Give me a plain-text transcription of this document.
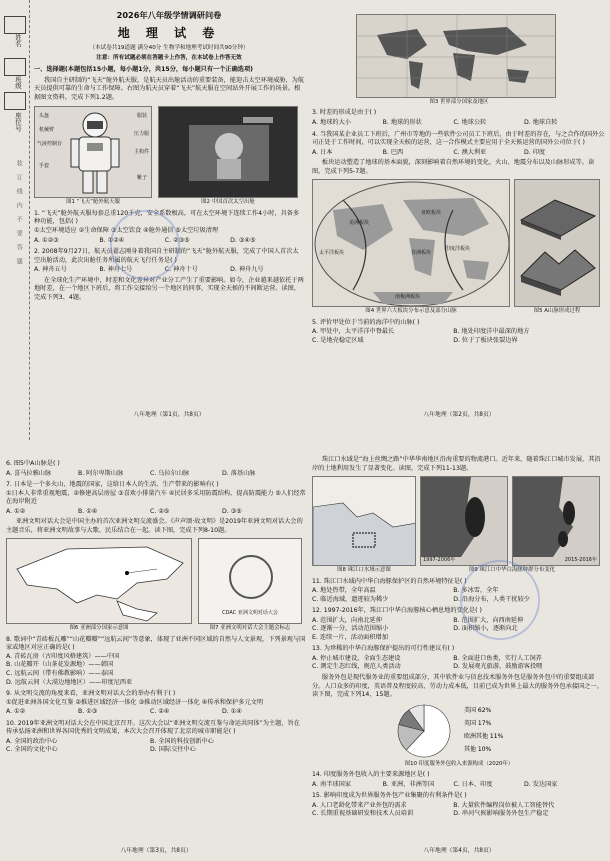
姓名
班级
座位号
装订线内不要答题
2026年八年级学情调研问卷
地 理 试 卷
（本试卷共19道题 满分40分 生物学和地理考试时间共90分钟）
注意：所有试题必须在答题卡上作答，在本试卷上作答无效
一、选择题(本题包括15小题，每小题1分，共15分，每小题只有一个正确选项)
我国自主研制的“飞天”舱外航天服，是航天员出舱活动的重要装备，能迎击太空环境威胁，为航天员提供可靠的生命与工作保障。右图为航天员穿着“飞天”航天服在空间站外开展工作的场景。根据图文资料，完成下列1.2题。
头盔
机械臂
气液控制台
手套
服装
压力服
主构件
靴子
图1 “飞天”舱外航天服	图2 中国首次太空出舱
1. “飞天”舱外航天服每套总重120千克，安全系数极高，可在太空环境下连续工作4小时，具备多种功能，包括( )
①太空环境适应 ②生命保障 ③太空饮食 ④舱外通信 ⑤太空垃圾清理
A. ①②③	B. ①②④	C. ②③⑤	D. ③④⑤
2. 2008年9月27日，航天员翟志刚身着我国自主研制的“飞天”舱外航天服，完成了中国人首次太空出舱活动，此次出舱任务所属的航天飞行任务是( )
A. 神舟五号	B. 神舟七号	C. 神舟十号	D. 神舟九号
在全球化生产环境中，时差和文化差异对产业分工产生了重要影响。如今，企业越来越依托于两地时差，在一个地区下班后，将工作交接给另一个地区的同事，实现全天候的不间断运营。读图，完成下列3、4题。
八年地理（第1页，共8页）
图3 世界部分国家及地区
3. 时差的形成是由于( )
A. 地球的大小	B. 地球的形状	C. 地球公转	D. 地球自转
4. 当我国某企业员工下班后，广州市等地的一些软件公司员工下班后，由于时差的存在，与之合作的国外公司正处于工作时间，可以实现全天候的运营，这一合作模式主要应用于全天候运营的国外公司位于( )
A. 日本	B. 巴西	C. 澳大利亚	D. 印度
板块运动塑造了地球的基本面貌，深刻影响着自然环境的变化，火山、地震分布以及山脉形成等。读图，完成下列5-7题。
亚欧板块
太平洋板块
美洲板块
非洲板块
印度洋板块
南极洲板块
图4 世界六大板块分布示意及部分山脉	图5 A山脉形成过程
5. 评价甲处位于当前的海洋中的山脉( )
A. 甲处中，太平洋洋中脊最长	B. 地处印度洋中最深的地方
C. 是地壳稳定区域	D. 位于了板块张裂边界
八年地理（第2页，共8页）
6. 图5中A山脉是( )
A. 喜马拉雅山脉	B. 阿尔卑斯山脉	C. 乌拉尔山脉	D. 落基山脉
7. 日本是一个多火山、地震的国家，这给日本人的生活、生产带来的影响有( )
①日本人非常重视地震，②修建高层房屋 ③喜欢小排量汽车 ④民居多采用防震结构，提高防震能力 ⑤人们经常在海岸附近
A. ①②	B. ①④	C. ②⑤	D. ③⑤
亚洲文明对话大会是中国主办的首次亚洲文明交流盛会。《声声颂·故文明》是2019年亚洲文明对话大会的主题音乐，将亚洲文明故事与大歌、民乐结合在一起。读下图，完成下列8-10题。
图6 亚洲部分国家示意图
CDAC 亚洲文明对话大会
图7 亚洲文明对话大会主题会标志
8. 歌词中“青砖板瓦雕”“山花瓣瓣”“远航云间”等意象，体现了亚洲不同区域的自然与人文景观，下列景观与国家或地区对应正确的是( )
A. 青砖瓦房（古印度风格建筑）——中国
B. 山花瓣开（山茶花发源地）——韩国
C. 远航云间（带有佛教影响）——泰国
D. 远航云间（大漠边地地区）——印度尼西亚
9. 从文明交流的角度来看，亚洲文明对话大会的举办有利于( )
①促进亚洲各国文化互鉴 ②推进区域经济一体化 ③推动区域经济一体化 ④传承和保护多元文明
A. ①②	B. ①③	C. ②④	D. ①④
10. 2019年亚洲文明对话大会在中国北京召开。这次大会以“亚洲文明交流互鉴与命运共同体”为主题，旨在传承弘扬亚洲和世界各国优秀的文明成果，本次大会召开体现了北京的城市职能是( )
A. 全国的政治中心	B. 全国的科技创新中心
C. 全国的文化中心	D. 国际交往中心
八年地理（第3页，共8页）
珠江口水域是“海上丝绸之路”中华华南地区沿海重要的物流港口。近年来，随着珠江口城市发展，其沿岸的土地利用发生了显著变化。读图，完成下列11-13题。
图8 珠江口水域示意图
1997-2006年	2015-2016年
图9 珠江口中华白海豚种群分布变化
11. 珠江口水域内中华白海豚保护区的自然环境特征是( )
A. 地处热带，全年高温	B. 多冰雪，全年
C. 临近海域，遗迹较为稀少	D. 沿海分布，人类干扰较少
12. 1997-2016年，珠江口中华白海豚核心栖息地的变化是( )
A. 范围扩大，向南北延伸	B. 范围扩大，向西南延伸
C. 逐渐一分，活动范围缩小	D. 面积缩小，逐渐向北
E. 连续一片，活动面积增加
13. 为珍稀的中华白海豚保护提出的可行性建议有( )
A. 停止城市建设，全面生态建设	B. 全面进口鱼类，实行人工饲养
C. 测定生态红线，规范人类活动	D. 发展观光旅游，鼓励游客投喂
服务外包是现代服务业的重要组成部分，其中软件业与信息技术服务外包是服务外包中的重要组成部分。人口众多的印度，英语普及程度较高、劳动力成本低，目前已成为世界上最大的服务外包承接国之一。读下图，完成下列14、15题。
美国 62%
英国 17%
欧洲其他 11%
其他 10%
图10 印度服务外包收入来源构成（2020年）
14. 印度服务外包收入的主要来源地区是( )
A. 南半球国家	B. 亚洲、非洲等国	C. 日本、印度	D. 发达国家
15. 影响印度成为世界服务外包产业集聚的有利条件是( )
A. 人口老龄化带来产业外包的需求	B. 大量软件编程岗位被人工智能替代
C. 长期重视基础研发和技术人员培训	D. 串河气候影响服务外包生产稳定
八年地理（第4页，共8页）
